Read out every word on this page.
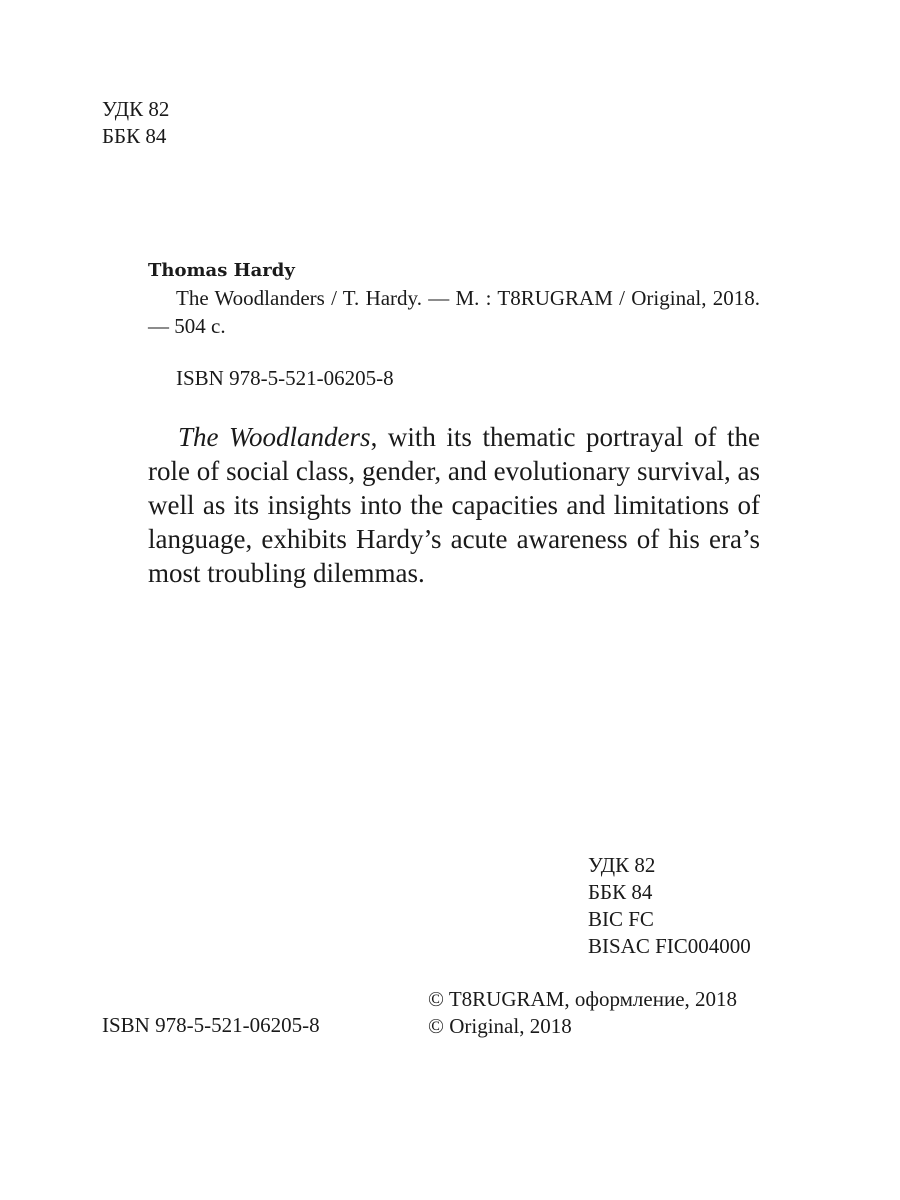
УДК 82
ББК 84
Thomas Hardy
The Woodlanders / T. Hardy. — M. : T8RUGRAM / Original, 2018. — 504 c.
ISBN 978-5-521-06205-8
The Woodlanders, with its thematic portrayal of the role of social class, gender, and evolutionary survival, as well as its insights into the capacities and limitations of language, exhibits Hardy’s acute awareness of his era’s most troubling dilemmas.
УДК 82
ББК 84
BIC FC
BISAC FIC004000
ISBN 978-5-521-06205-8
© T8RUGRAM, оформление, 2018
© Original, 2018
